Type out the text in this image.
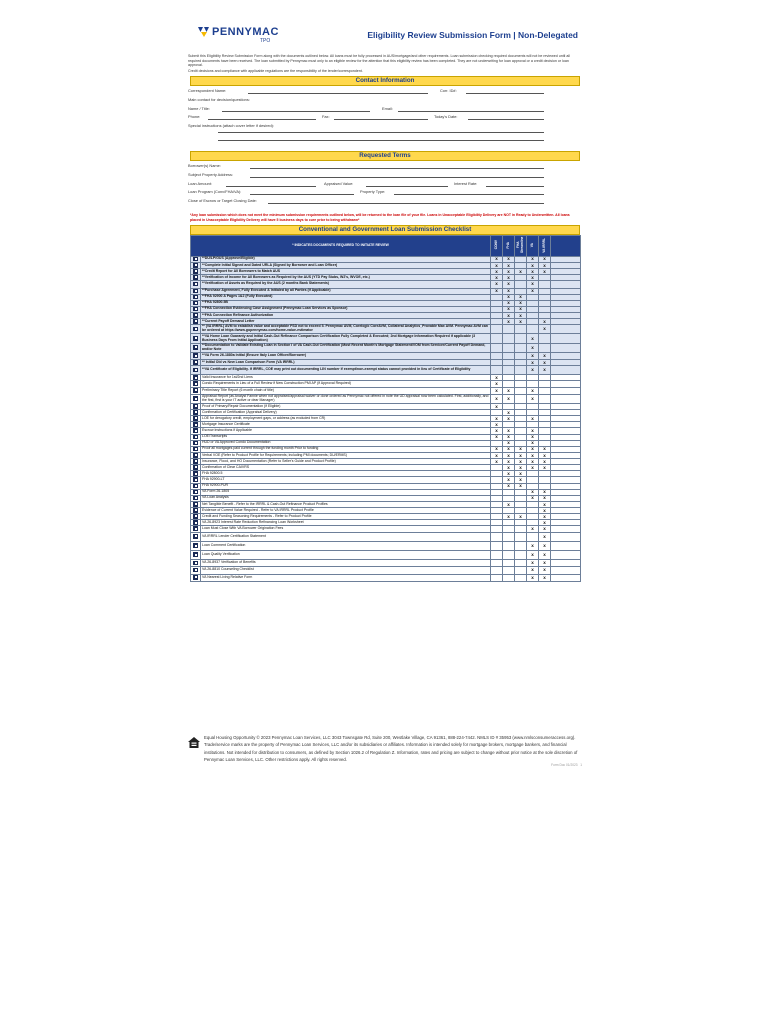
PENNYMAC
TPO
Eligibility Review Submission Form | Non-Delegated
Submit this Eligibility Review Submission Form along with the documents outlined below. All loans must be fully processed in AUS/mortgage/and other requirements. Loan submission checking required documents will not be reviewed until all required documents have been received. The loan submitted by Pennymac must only to an eligible review for the attention that this eligibility review has been completed. They are not underwriting for loan approval or a credit decision or loan approval.
Credit decisions and compliance with applicable regulations are the responsibility of the lender/correspondent.
Contact Information
Correspondent Name:	Corr. ID#:
Main contact for decision/questions:
Name / Title:	Email:
Phone:	Fax:	Today's Date:
Special instructions (attach cover letter if desired):
Requested Terms
Borrower(s) Name:
Subject Property Address:
Loan Amount:	Appraised Value:	Interest Rate:
Loan Program (Conv/FHA/VA):	Property Type:
Close of Escrow or Target Closing Date:
*Any loan submission which does not meet the minimum submission requirements outlined below, will be returned to the loan file of your file. Loans in Unacceptable Eligibility Delivery are NOT in Ready to Underwritten. All loans placed in Unacceptable Eligibility Delivery will have 5 business days to cure prior to being withdrawn*
Conventional and Government Loan Submission Checklist
* INDICATES DOCUMENTS REQUIRED TO INITIATE REVIEW		CONV	FHA	FHA Streamline	VA	VA IRRRL	
	**DU/LP/GUS (Approve/Eligible)	x	x		x	x	
	**Complete Initial Signed and Dated URLA (Signed by Borrower and Loan Officer)	x	x		x	x	
	**Credit Report for All Borrowers to Match AUS	x	x	x	x	x	
	**Verification of Income for All Borrowers as Required by the AUS (YTD Pay Stubs, W2's, WVOE, etc.)	x	x		x		
	**Verification of Assets as Required by the AUS (2 months Bank Statements)	x	x		x		
	**Purchase Agreement, Fully Executed & Initialed by all Parties (If Applicable)	x	x		x		
	**FHA 92900 A Pages 1&2 (Fully Executed)		x	x			
	**FHA 92800.5B		x	x			
	**FHA Connection Evidencing Case Assignment (Pennymac Loan Services as Sponsor)		x	x			
	**FHA Connection Refinance Authorization		x	x			
	**Current Payoff Demand Letter		x	x		x	
	** (VA IRRRL) AVM to establish value and acceptable FSD not to exceed 5. Pennymac AVM, Corelogic CoreAVM, Collateral Analytics_Provable Max AVM. Pennymac AVM can be ordered at https://www.gopennymac.com/home-value-estimator					x	
	**VA Home Loan Guaranty and Initial Cash-Out Refinance Comparison Certification Fully Completed & Executed; 2nd Mortgage Information Required if applicable (3 Business Days From Initial Application)				x		
	**Documentation to Validate Existing Loan in Section I of VA Cash-Out Certification (Most Recent Month's Mortgage Statement/VOM from Servicer/Current Payoff Demand, and/or Note				x		
	**VA Form 26-1880a Initial (Ensure Italy Loan Officer/Borrower)				x	x	
	** Initial Old vs New Loan Comparison Form (VA IRRRL)				x	x	
	**VA Certificate of Eligibility. If IRRRL, COE may print out documenting LIN number if exempt/non-exempt status cannot provided in lieu of Certificate of Eligibility				x	x	
	Valid Insurance for 1st/2nd Liens	x					
	Condo Requirements in Lieu of a Full Review if New Construction PMI AP (if Approval Required)	x					
	Preliminary Title Report (6 month chain of title)	x	x		x		
	Appraisal Report (as Analyst Fannie when not appraised/appraisal waiver or done ordered as Pennymac not offered in note the UD appraisal now been calculated. First, additionally, and the first, first is your IT active or dear Manager)	x	x		x		
	Proof of Primary/Repair Documentation (if Eligible)	x					
	Confirmation of Certification (Appraisal Delivery)		x				
	LOE for derogatory credit, employment gaps, or address (as excluded from CR)	x	x		x		
	Mortgage Insurance Certificate	x					
	Escrow Instructions if Applicable	x	x		x		
	LOE/Transcripts	x	x		x		
	HUD or VA Approved Condo Documentation		x		x		
	Proof all mortgages paid current through the funding month Prior to funding	x	x	x	x	x	
	Verbal VOE (Refer to Product Profile for Requirements; including PMI documents; DU/ERMS)	x	x	x	x	x	
	Insurance, Flood, and HO Documentation (Refer to Seller's Guide and Product Profile)	x	x	x	x	x	
	Confirmation of Clear CAIVRS		x	x	x	x	
	FHA 92800.5		x	x			
	FHA 92900-LT		x	x			
	FHA 92900-PUR		x	x			
	VA Form 26-1805				x	x	
	VA Loan Analysis				x	x	
	Net Tangible Benefit - Refer to the IRRRL & Cash-Out Refinance Product Profiles		x			x	
	Evidence of Current Value Required - Refer to VA IRRRL Product Profile					x	
	Credit and Funding Seasoning Requirements - Refer to Product Profile		x	x		x	
	VA 26-8923 Interest Rate Reduction Refinancing Loan Worksheet					x	
	Loan Must Close With VA Borrower Origination Fees				x	x	
	VA IRRRL Lender Certification Statement					x	
	Loan Comment Certification				x	x	
	Loan Quality Verification				x	x	
	VA 26-8937 Verification of Benefits				x	x	
	VA 26-8810 Counseling Checklist				x	x	
	VA Nearest Living Relative Form				x	x	
Equal Housing Opportunity © 2023 Pennymac Loan Services, LLC 3043 Townsgate Rd, Suite 200, Westlake Village, CA 91361, 888-224-7442. NMLS ID # 35953 (www.nmlsconsumeraccess.org). Trade/service marks are the property of Pennymac Loan Services, LLC and/or its subsidiaries or affiliates. Information is intended solely for mortgage brokers, mortgage bankers, and financial institutions. Not intended for distribution to consumers, as defined by Section 1026.2 of Regulation Z. Information, rates and pricing are subject to change without prior notice at the sole discretion of Pennymac Loan Services, LLC. Other restrictions apply. All rights reserved.
Form Doc 01/2023 1
